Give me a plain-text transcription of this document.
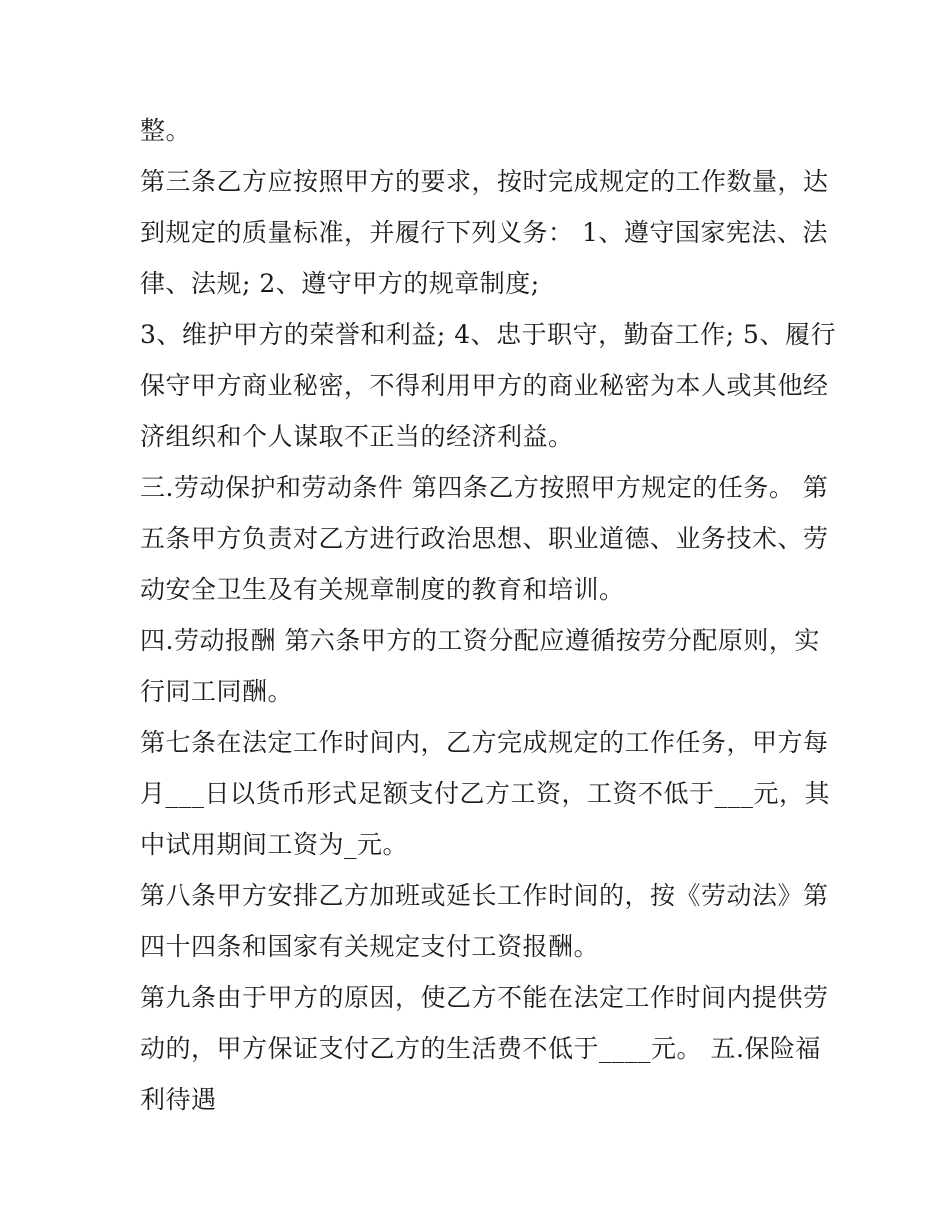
整。
第三条乙方应按照甲方的要求，按时完成规定的工作数量，达
到规定的质量标准，并履行下列义务： 1、遵守国家宪法、法
律、法规; 2、遵守甲方的规章制度;
3、维护甲方的荣誉和利益; 4、忠于职守，勤奋工作; 5、履行
保守甲方商业秘密，不得利用甲方的商业秘密为本人或其他经
济组织和个人谋取不正当的经济利益。
三.劳动保护和劳动条件 第四条乙方按照甲方规定的任务。 第
五条甲方负责对乙方进行政治思想、职业道德、业务技术、劳
动安全卫生及有关规章制度的教育和培训。
四.劳动报酬 第六条甲方的工资分配应遵循按劳分配原则，实
行同工同酬。
第七条在法定工作时间内，乙方完成规定的工作任务，甲方每
月___日以货币形式足额支付乙方工资，工资不低于___元，其
中试用期间工资为_元。
第八条甲方安排乙方加班或延长工作时间的，按《劳动法》第
四十四条和国家有关规定支付工资报酬。
第九条由于甲方的原因，使乙方不能在法定工作时间内提供劳
动的，甲方保证支付乙方的生活费不低于____元。 五.保险福
利待遇
